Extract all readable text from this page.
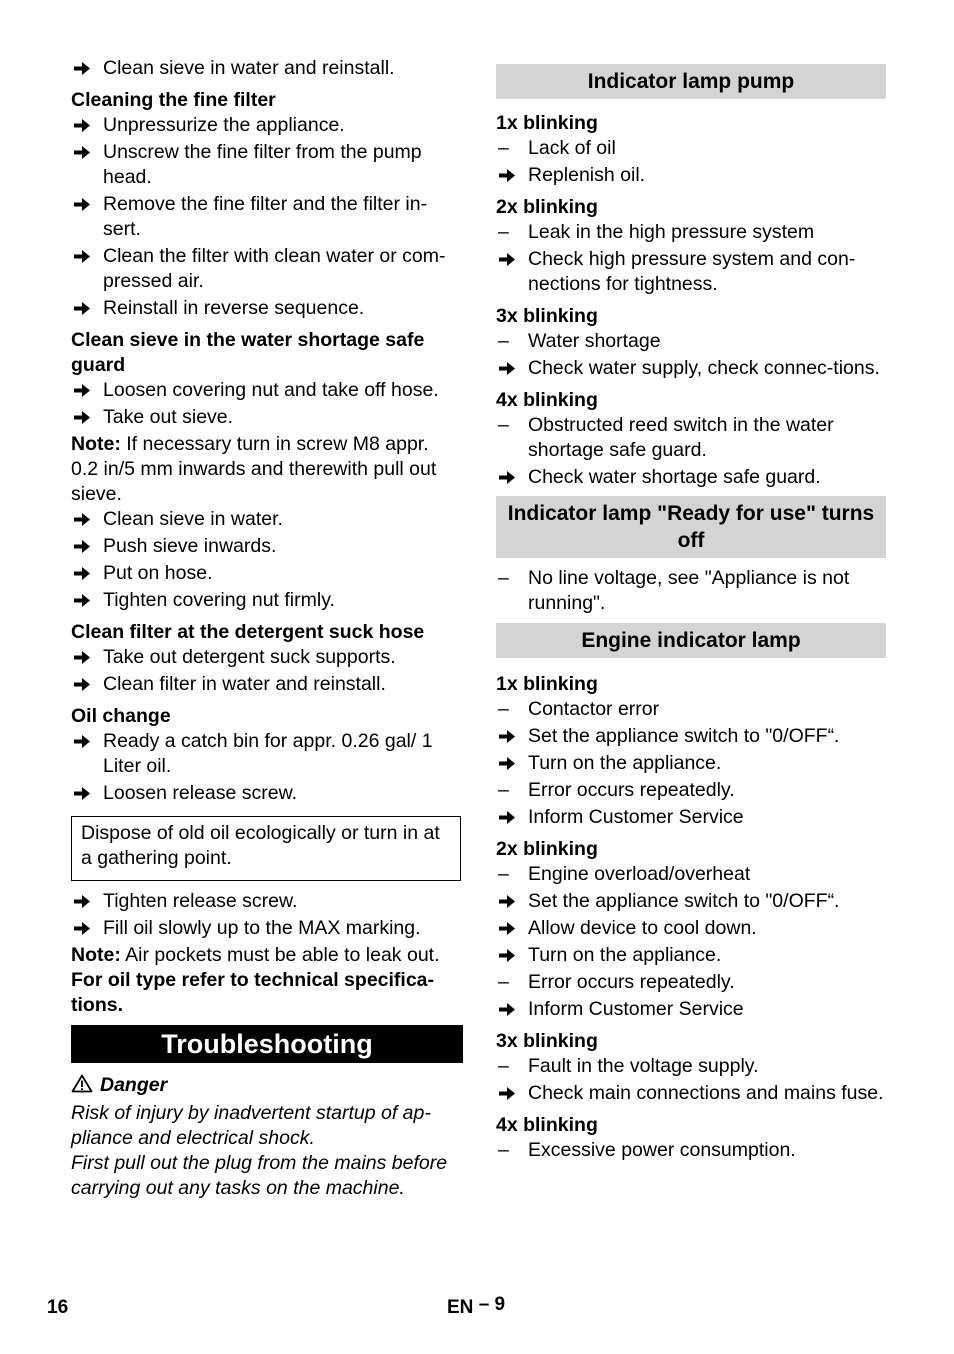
Clean sieve in water and reinstall.

Cleaning the fine filter

Unpressurize the appliance.

Unscrew the fine filter from the pump head.

Remove the fine filter and the filter in-sert.

Clean the filter with clean water or com-pressed air.

Reinstall in reverse sequence.

Clean sieve in the water shortage safe guard

Loosen covering nut and take off hose.

Take out sieve.

Note: If necessary turn in screw M8 appr. 0.2 in/5 mm inwards and therewith pull out sieve.

Clean sieve in water.

Push sieve inwards.

Put on hose.

Tighten covering nut firmly.

Clean filter at the detergent suck hose

Take out detergent suck supports.

Clean filter in water and reinstall.

Oil change

Ready a catch bin for appr. 0.26 gal/ 1 Liter oil.

Loosen release screw.

Dispose of old oil ecologically or turn in at a gathering point.

Tighten release screw.

Fill oil slowly up to the MAX marking.

Note: Air pockets must be able to leak out.

For oil type refer to technical specifica-tions.

Troubleshooting

Danger

Risk of injury by inadvertent startup of ap-pliance and electrical shock.

First pull out the plug from the mains before carrying out any tasks on the machine.

Indicator lamp pump

1x blinking

– Lack of oil

Replenish oil.

2x blinking

– Leak in the high pressure system

Check high pressure system and con-nections for tightness.

3x blinking

– Water shortage

Check water supply, check connec-tions.

4x blinking

– Obstructed reed switch in the water shortage safe guard.

Check water shortage safe guard.

Indicator lamp "Ready for use" turns off

– No line voltage, see "Appliance is not running".

Engine indicator lamp

1x blinking

– Contactor error

Set the appliance switch to "0/OFF“.

Turn on the appliance.

– Error occurs repeatedly.

Inform Customer Service

2x blinking

– Engine overload/overheat

Set the appliance switch to "0/OFF“.

Allow device to cool down.

Turn on the appliance.

– Error occurs repeatedly.

Inform Customer Service

3x blinking

– Fault in the voltage supply.

Check main connections and mains fuse.

4x blinking

– Excessive power consumption.

16	EN – 9
